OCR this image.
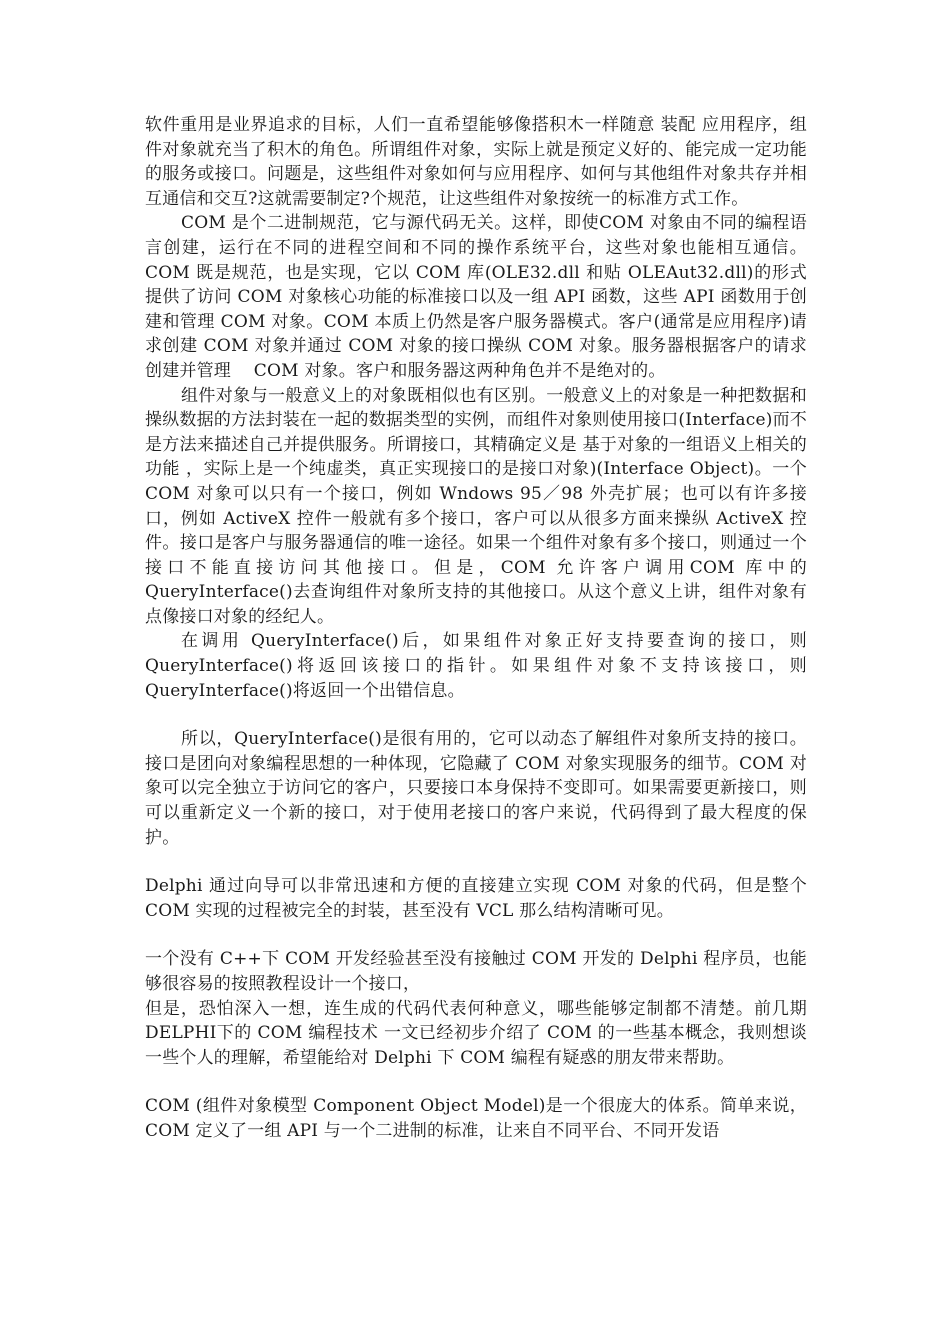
软件重用是业界追求的目标，人们一直希望能够像搭积木一样随意 装配 应用程序，组件对象就充当了积木的角色。所谓组件对象，实际上就是预定义好的、能完成一定功能的服务或接口。问题是，这些组件对象如何与应用程序、如何与其他组件对象共存并相互通信和交互?这就需要制定?个规范，让这些组件对象按统一的标准方式工作。

COM 是个二进制规范，它与源代码无关。这样，即使COM 对象由不同的编程语言创建，运行在不同的进程空间和不同的操作系统平台，这些对象也能相互通信。COM 既是规范，也是实现，它以 COM 库(OLE32.dll 和贴 OLEAut32.dll)的形式提供了访问 COM 对象核心功能的标准接口以及一组 API 函数，这些 API 函数用于创建和管理 COM 对象。COM 本质上仍然是客户服务器模式。客户(通常是应用程序)请求创建 COM 对象并通过 COM 对象的接口操纵 COM 对象。服务器根据客户的请求创建并管理　 COM 对象。客户和服务器这两种角色并不是绝对的。

组件对象与一般意义上的对象既相似也有区别。一般意义上的对象是一种把数据和操纵数据的方法封装在一起的数据类型的实例，而组件对象则使用接口(Interface)而不是方法来描述自己并提供服务。所谓接口，其精确定义是 基于对象的一组语义上相关的功能 ，实际上是一个纯虚类，真正实现接口的是接口对象)(Interface Object)。一个 COM 对象可以只有一个接口，例如 Wndows 95／98 外壳扩展；也可以有许多接口，例如 ActiveX 控件一般就有多个接口，客户可以从很多方面来操纵 ActiveX 控件。接口是客户与服务器通信的唯一途径。如果一个组件对象有多个接口，则通过一个接口不能直接访问其他接口。但是，COM 允许客户调用COM 库中的QueryInterface()去查询组件对象所支持的其他接口。从这个意义上讲，组件对象有点像接口对象的经纪人。

在调用 QueryInterface()后，如果组件对象正好支持要查询的接口，则 QueryInterface()将返回该接口的指针。如果组件对象不支持该接口，则 QueryInterface()将返回一个出错信息。

所以，QueryInterface()是很有用的，它可以动态了解组件对象所支持的接口。接口是团向对象编程思想的一种体现，它隐藏了 COM 对象实现服务的细节。COM 对象可以完全独立于访问它的客户，只要接口本身保持不变即可。如果需要更新接口，则可以重新定义一个新的接口，对于使用老接口的客户来说，代码得到了最大程度的保护。

Delphi 通过向导可以非常迅速和方便的直接建立实现 COM 对象的代码，但是整个 COM 实现的过程被完全的封装，甚至没有 VCL 那么结构清晰可见。

一个没有 C++下 COM 开发经验甚至没有接触过 COM 开发的 Delphi 程序员，也能够很容易的按照教程设计一个接口，

但是，恐怕深入一想，连生成的代码代表何种意义，哪些能够定制都不清楚。前几期　 DELPHI下的 COM 编程技术 一文已经初步介绍了 COM 的一些基本概念，我则想谈一些个人的理解，希望能给对 Delphi 下 COM 编程有疑惑的朋友带来帮助。

COM (组件对象模型 Component Object Model)是一个很庞大的体系。简单来说，COM 定义了一组 API 与一个二进制的标准，让来自不同平台、不同开发语
